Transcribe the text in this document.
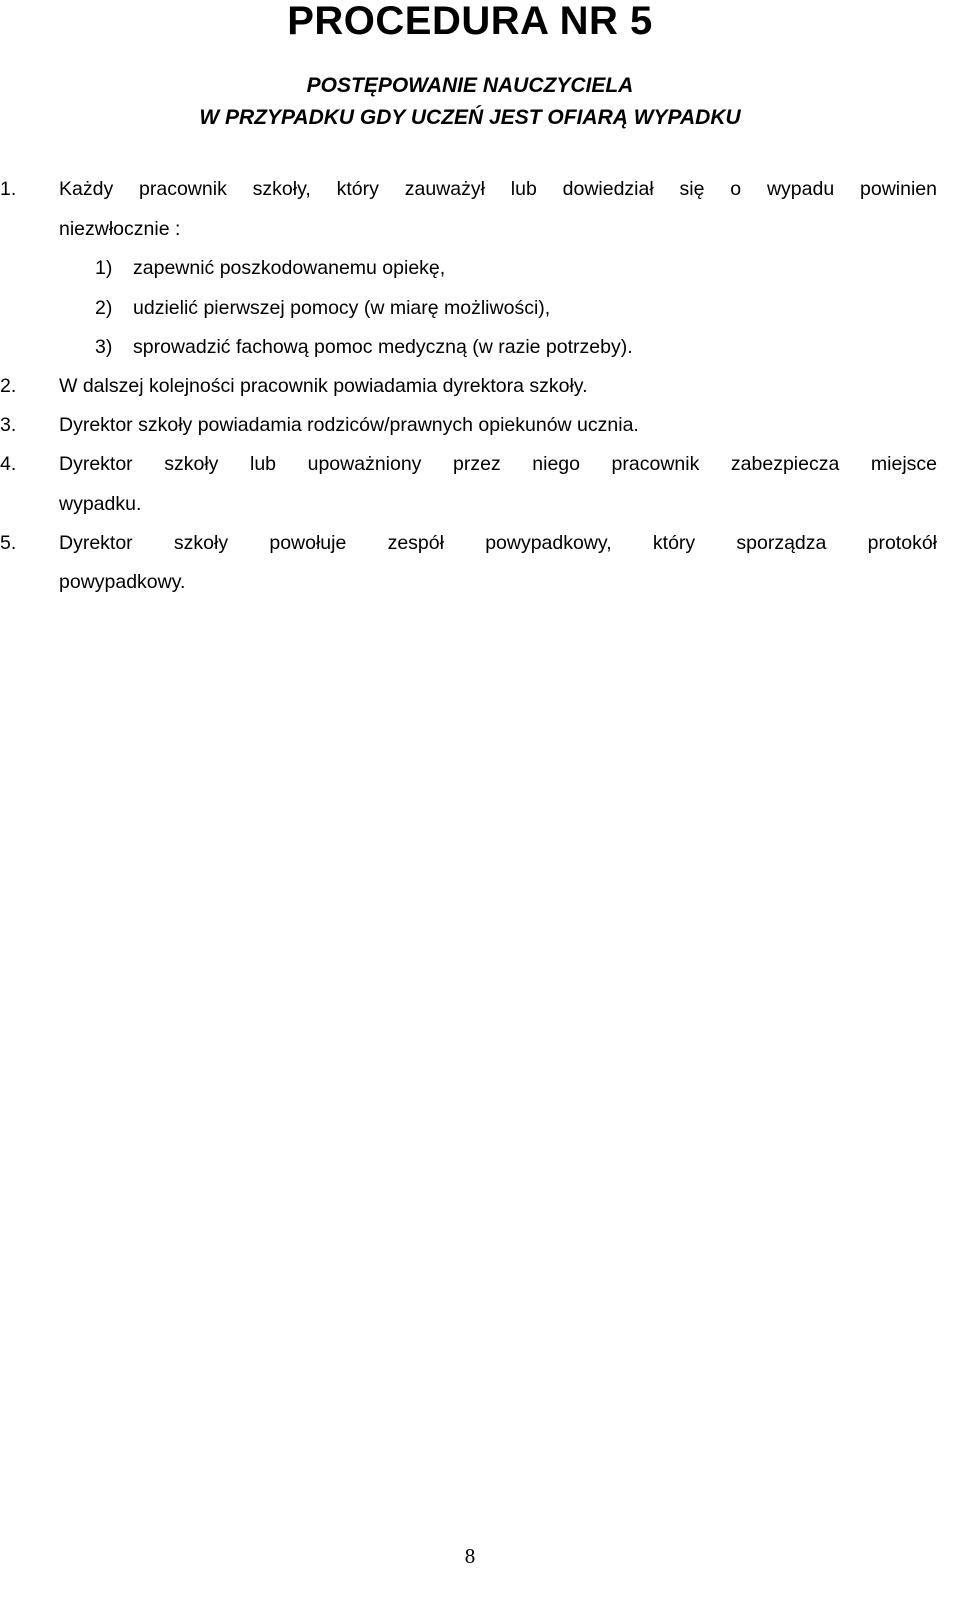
PROCEDURA NR 5
POSTĘPOWANIE NAUCZYCIELA
W PRZYPADKU GDY UCZEŃ JEST OFIARĄ WYPADKU
1.	Każdy pracownik szkoły, który zauważył lub dowiedział się o wypadu powinien
niezwłocznie :
1) zapewnić poszkodowanemu opiekę,
2) udzielić pierwszej pomocy (w miarę możliwości),
3) sprowadzić fachową pomoc medyczną (w razie potrzeby).
2.	W dalszej kolejności pracownik powiadamia dyrektora szkoły.
3.	Dyrektor szkoły powiadamia rodziców/prawnych opiekunów ucznia.
4.	Dyrektor szkoły lub upoważniony przez niego pracownik zabezpiecza miejsce
wypadku.
5.	Dyrektor szkoły powołuje zespół powypadkowy, który sporządza protokół
powypadkowy.
8
